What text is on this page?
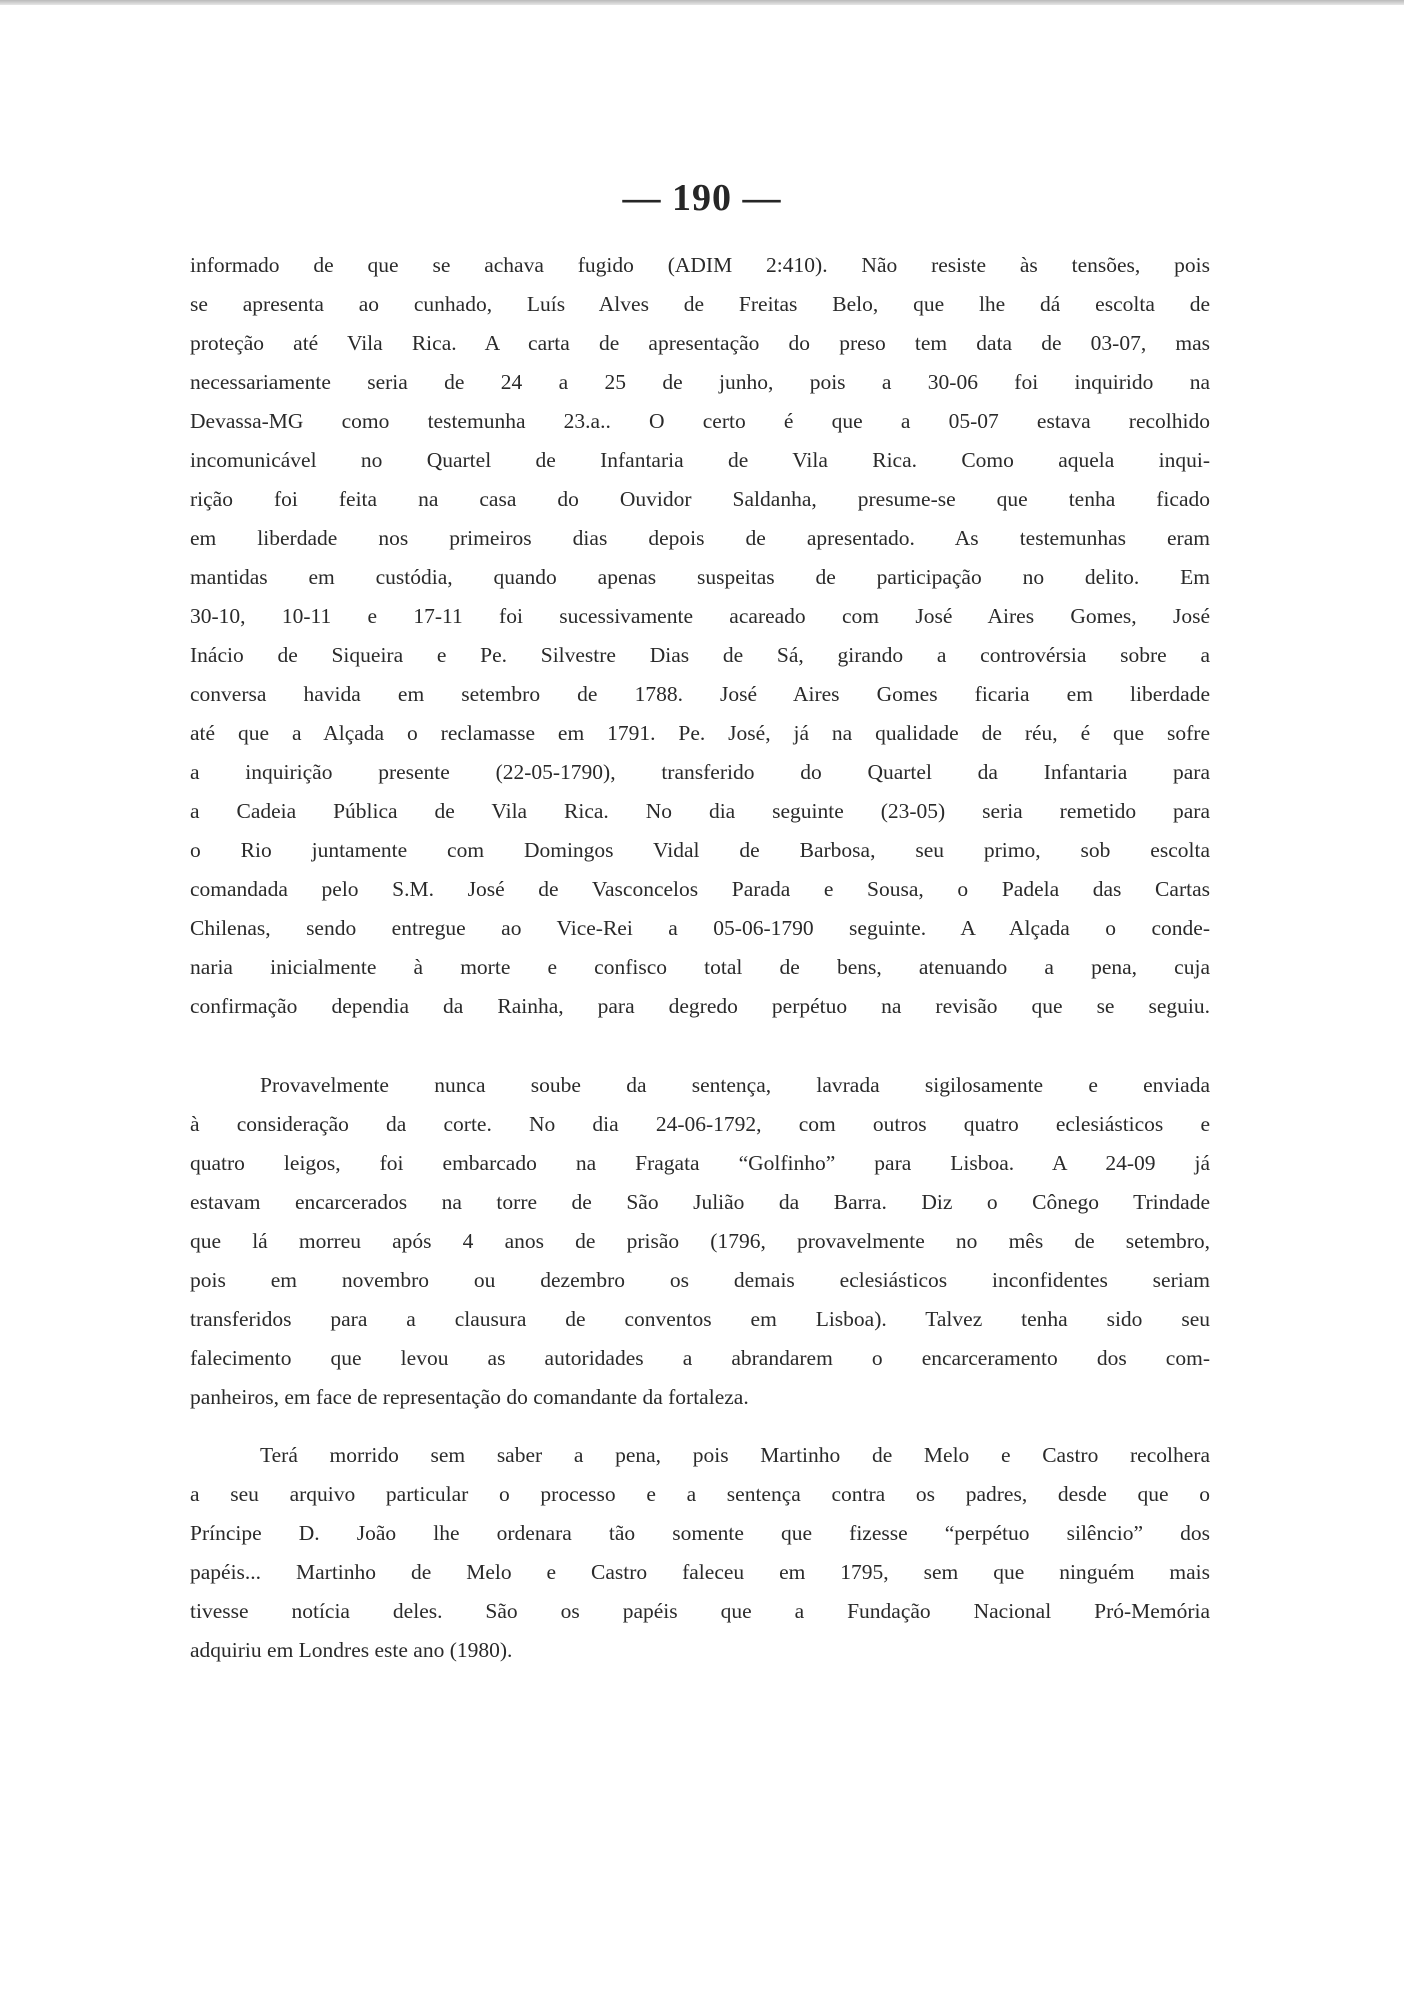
— 190 —
informado de que se achava fugido (ADIM 2:410). Não resiste às tensões, pois
se apresenta ao cunhado, Luís Alves de Freitas Belo, que lhe dá escolta de
proteção até Vila Rica. A carta de apresentação do preso tem data de 03-07, mas
necessariamente seria de 24 a 25 de junho, pois a 30-06 foi inquirido na
Devassa-MG como testemunha 23.a.. O certo é que a 05-07 estava recolhido
incomunicável no Quartel de Infantaria de Vila Rica. Como aquela inqui-
rição foi feita na casa do Ouvidor Saldanha, presume-se que tenha ficado
em liberdade nos primeiros dias depois de apresentado. As testemunhas eram
mantidas em custódia, quando apenas suspeitas de participação no delito. Em
30-10, 10-11 e 17-11 foi sucessivamente acareado com José Aires Gomes, José
Inácio de Siqueira e Pe. Silvestre Dias de Sá, girando a controvérsia sobre a
conversa havida em setembro de 1788. José Aires Gomes ficaria em liberdade
até que a Alçada o reclamasse em 1791. Pe. José, já na qualidade de réu, é que sofre
a inquirição presente (22-05-1790), transferido do Quartel da Infantaria para
a Cadeia Pública de Vila Rica. No dia seguinte (23-05) seria remetido para
o Rio juntamente com Domingos Vidal de Barbosa, seu primo, sob escolta
comandada pelo S.M. José de Vasconcelos Parada e Sousa, o Padela das Cartas
Chilenas, sendo entregue ao Vice-Rei a 05-06-1790 seguinte. A Alçada o conde-
naria inicialmente à morte e confisco total de bens, atenuando a pena, cuja
confirmação dependia da Rainha, para degredo perpétuo na revisão que se seguiu.
Provavelmente nunca soube da sentença, lavrada sigilosamente e enviada
à consideração da corte. No dia 24-06-1792, com outros quatro eclesiásticos e
quatro leigos, foi embarcado na Fragata “Golfinho” para Lisboa. A 24-09 já
estavam encarcerados na torre de São Julião da Barra. Diz o Cônego Trindade
que lá morreu após 4 anos de prisão (1796, provavelmente no mês de setembro,
pois em novembro ou dezembro os demais eclesiásticos inconfidentes seriam
transferidos para a clausura de conventos em Lisboa). Talvez tenha sido seu
falecimento que levou as autoridades a abrandarem o encarceramento dos com-
panheiros, em face de representação do comandante da fortaleza.
Terá morrido sem saber a pena, pois Martinho de Melo e Castro recolhera
a seu arquivo particular o processo e a sentença contra os padres, desde que o
Príncipe D. João lhe ordenara tão somente que fizesse “perpétuo silêncio” dos
papéis... Martinho de Melo e Castro faleceu em 1795, sem que ninguém mais
tivesse notícia deles. São os papéis que a Fundação Nacional Pró-Memória
adquiriu em Londres este ano (1980).
